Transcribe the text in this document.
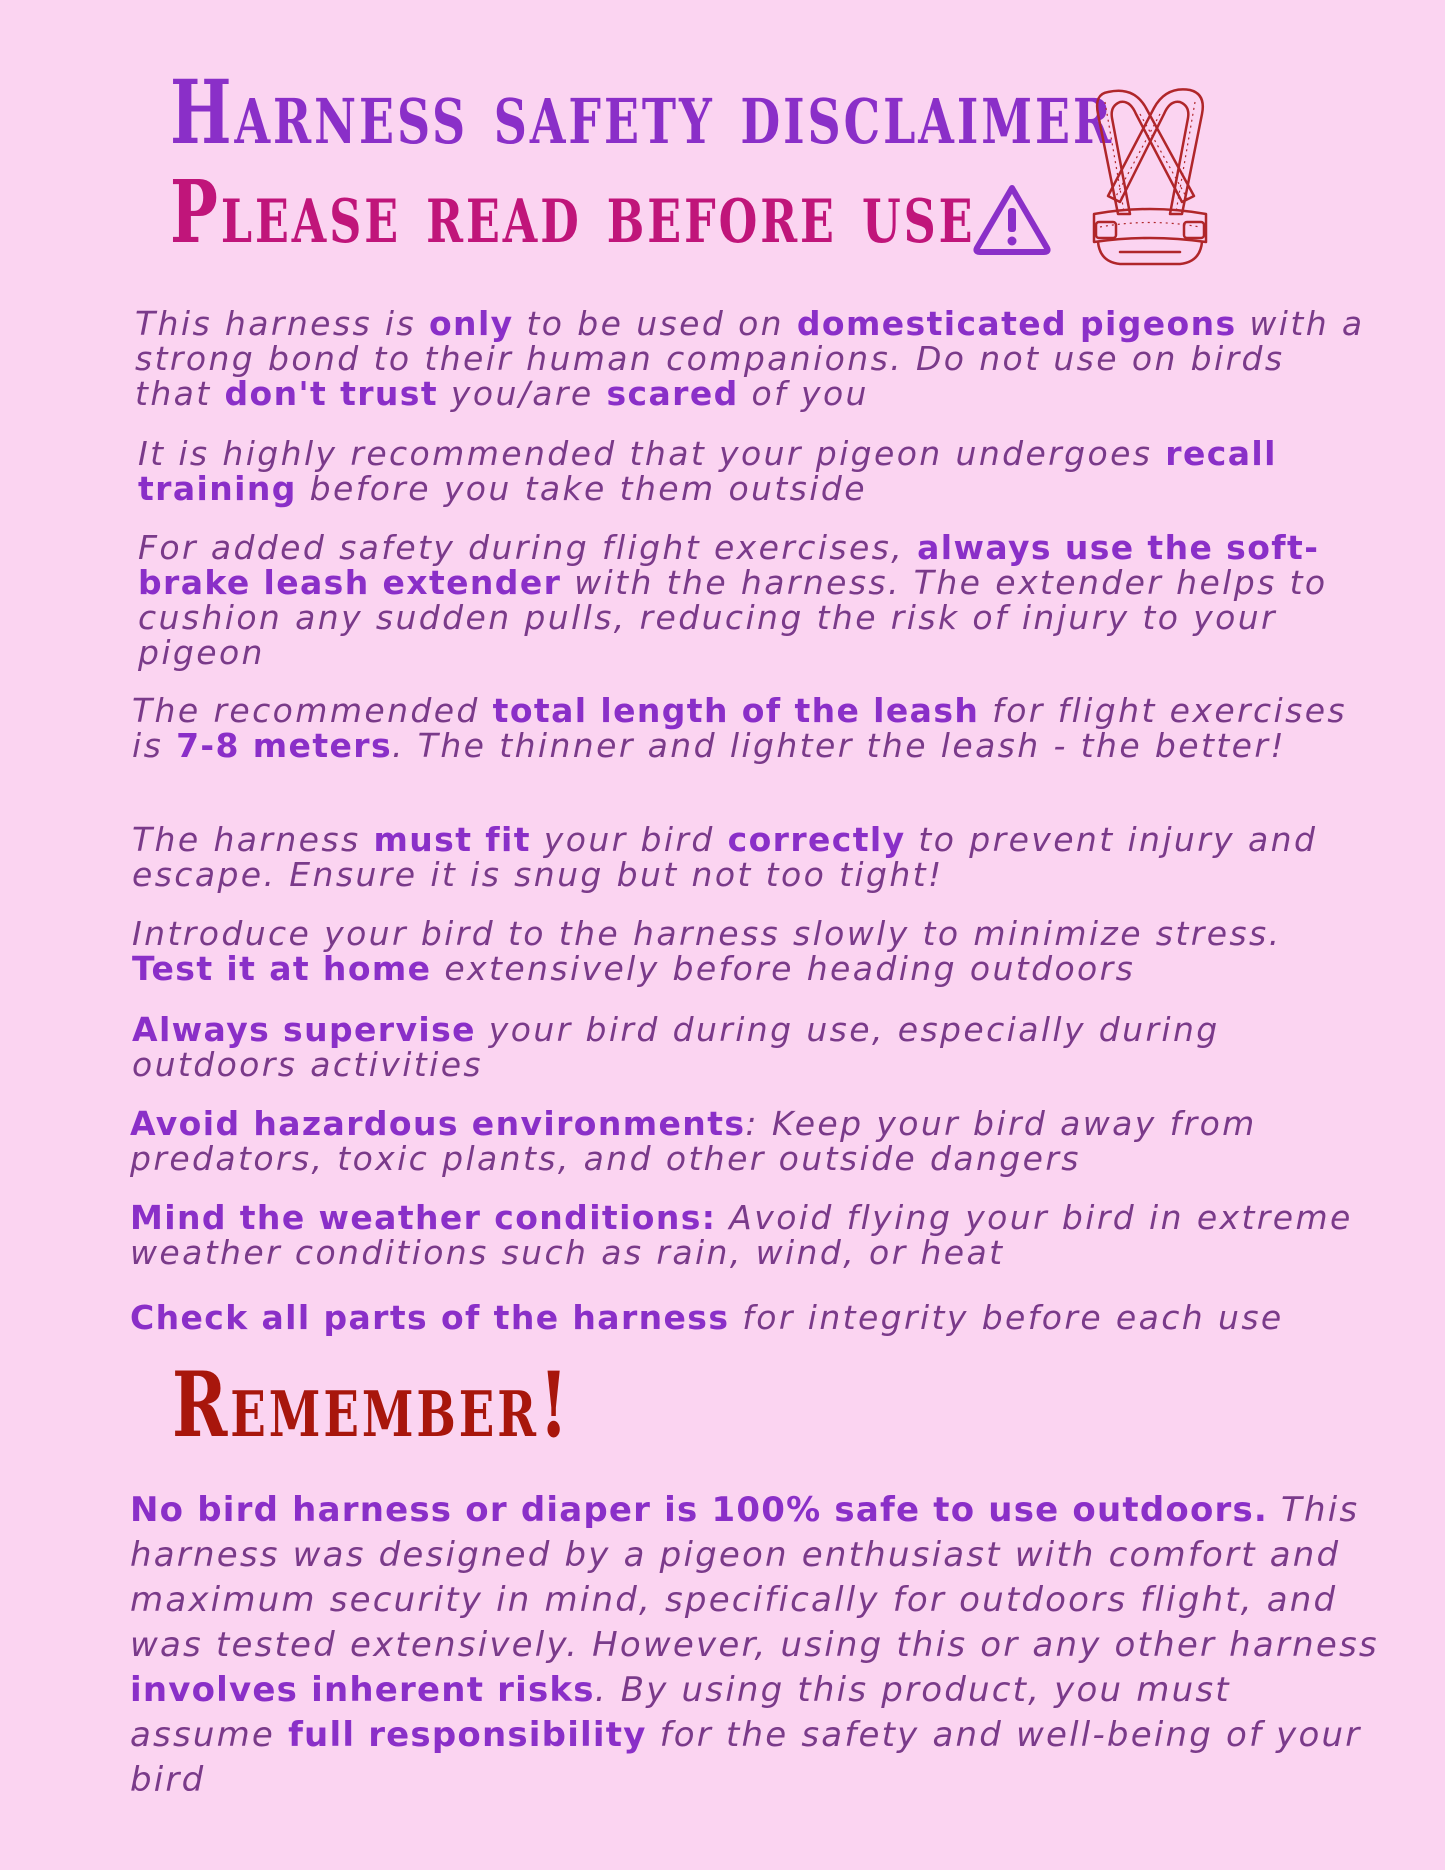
Harness safety disclaimer
Please read before use

This harness is only to be used on domesticated pigeons with a strong bond to their human companions. Do not use on birds that don't trust you/are scared of you

It is highly recommended that your pigeon undergoes recall training before you take them outside

For added safety during flight exercises, always use the soft-brake leash extender with the harness. The extender helps to cushion any sudden pulls, reducing the risk of injury to your pigeon

The recommended total length of the leash for flight exercises is 7-8 meters. The thinner and lighter the leash - the better!

The harness must fit your bird correctly to prevent injury and escape. Ensure it is snug but not too tight!

Introduce your bird to the harness slowly to minimize stress. Test it at home extensively before heading outdoors

Always supervise your bird during use, especially during outdoors activities

Avoid hazardous environments: Keep your bird away from predators, toxic plants, and other outside dangers

Mind the weather conditions: Avoid flying your bird in extreme weather conditions such as rain, wind, or heat

Check all parts of the harness for integrity before each use

Remember!

No bird harness or diaper is 100% safe to use outdoors. This harness was designed by a pigeon enthusiast with comfort and maximum security in mind, specifically for outdoors flight, and was tested extensively. However, using this or any other harness involves inherent risks. By using this product, you must assume full responsibility for the safety and well-being of your bird
